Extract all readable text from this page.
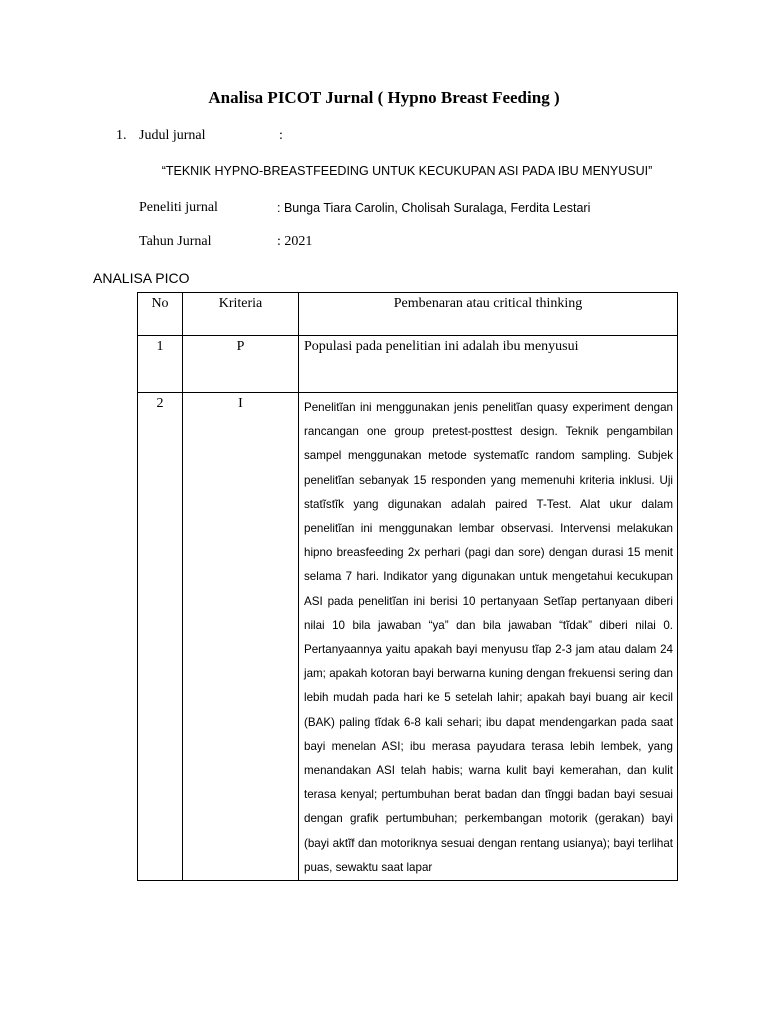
Analisa PICOT Jurnal ( Hypno Breast Feeding )
1. Judul jurnal	:
“TEKNIK HYPNO-BREASTFEEDING UNTUK KECUKUPAN ASI PADA IBU MENYUSUI”
Peneliti jurnal	: Bunga Tiara Carolin, Cholisah Suralaga, Ferdita Lestari
Tahun Jurnal	: 2021
ANALISA PICO
No	Kriteria	Pembenaran atau critical thinking
1	P	Populasi pada penelitian ini adalah ibu menyusui
2	I	Penelitĩan ini menggunakan jenis penelitĩan quasy experiment dengan rancangan one group pretest-posttest design. Teknik pengambilan sampel menggunakan metode systematĩc random sampling. Subjek penelitĩan sebanyak 15 responden yang memenuhi kriteria inklusi. Uji statĩstĩk yang digunakan adalah paired T-Test. Alat ukur dalam penelitĩan ini menggunakan lembar observasi. Intervensi melakukan hipno breasfeeding 2x perhari (pagi dan sore) dengan durasi 15 menit selama 7 hari. Indikator yang digunakan untuk mengetahui kecukupan ASI pada penelitĩan ini berisi 10 pertanyaan Setĩap pertanyaan diberi nilai 10 bila jawaban “ya” dan bila jawaban “tĩdak” diberi nilai 0. Pertanyaannya yaitu apakah bayi menyusu tĩap 2-3 jam atau dalam 24 jam; apakah kotoran bayi berwarna kuning dengan frekuensi sering dan lebih mudah pada hari ke 5 setelah lahir; apakah bayi buang air kecil (BAK) paling tĩdak 6-8 kali sehari; ibu dapat mendengarkan pada saat bayi menelan ASI; ibu merasa payudara terasa lebih lembek, yang menandakan ASI telah habis; warna kulit bayi kemerahan, dan kulit terasa kenyal; pertumbuhan berat badan dan tĩnggi badan bayi sesuai dengan grafik pertumbuhan; perkembangan motorik (gerakan) bayi (bayi aktĩf dan motoriknya sesuai dengan rentang usianya); bayi terlihat puas, sewaktu saat lapar
